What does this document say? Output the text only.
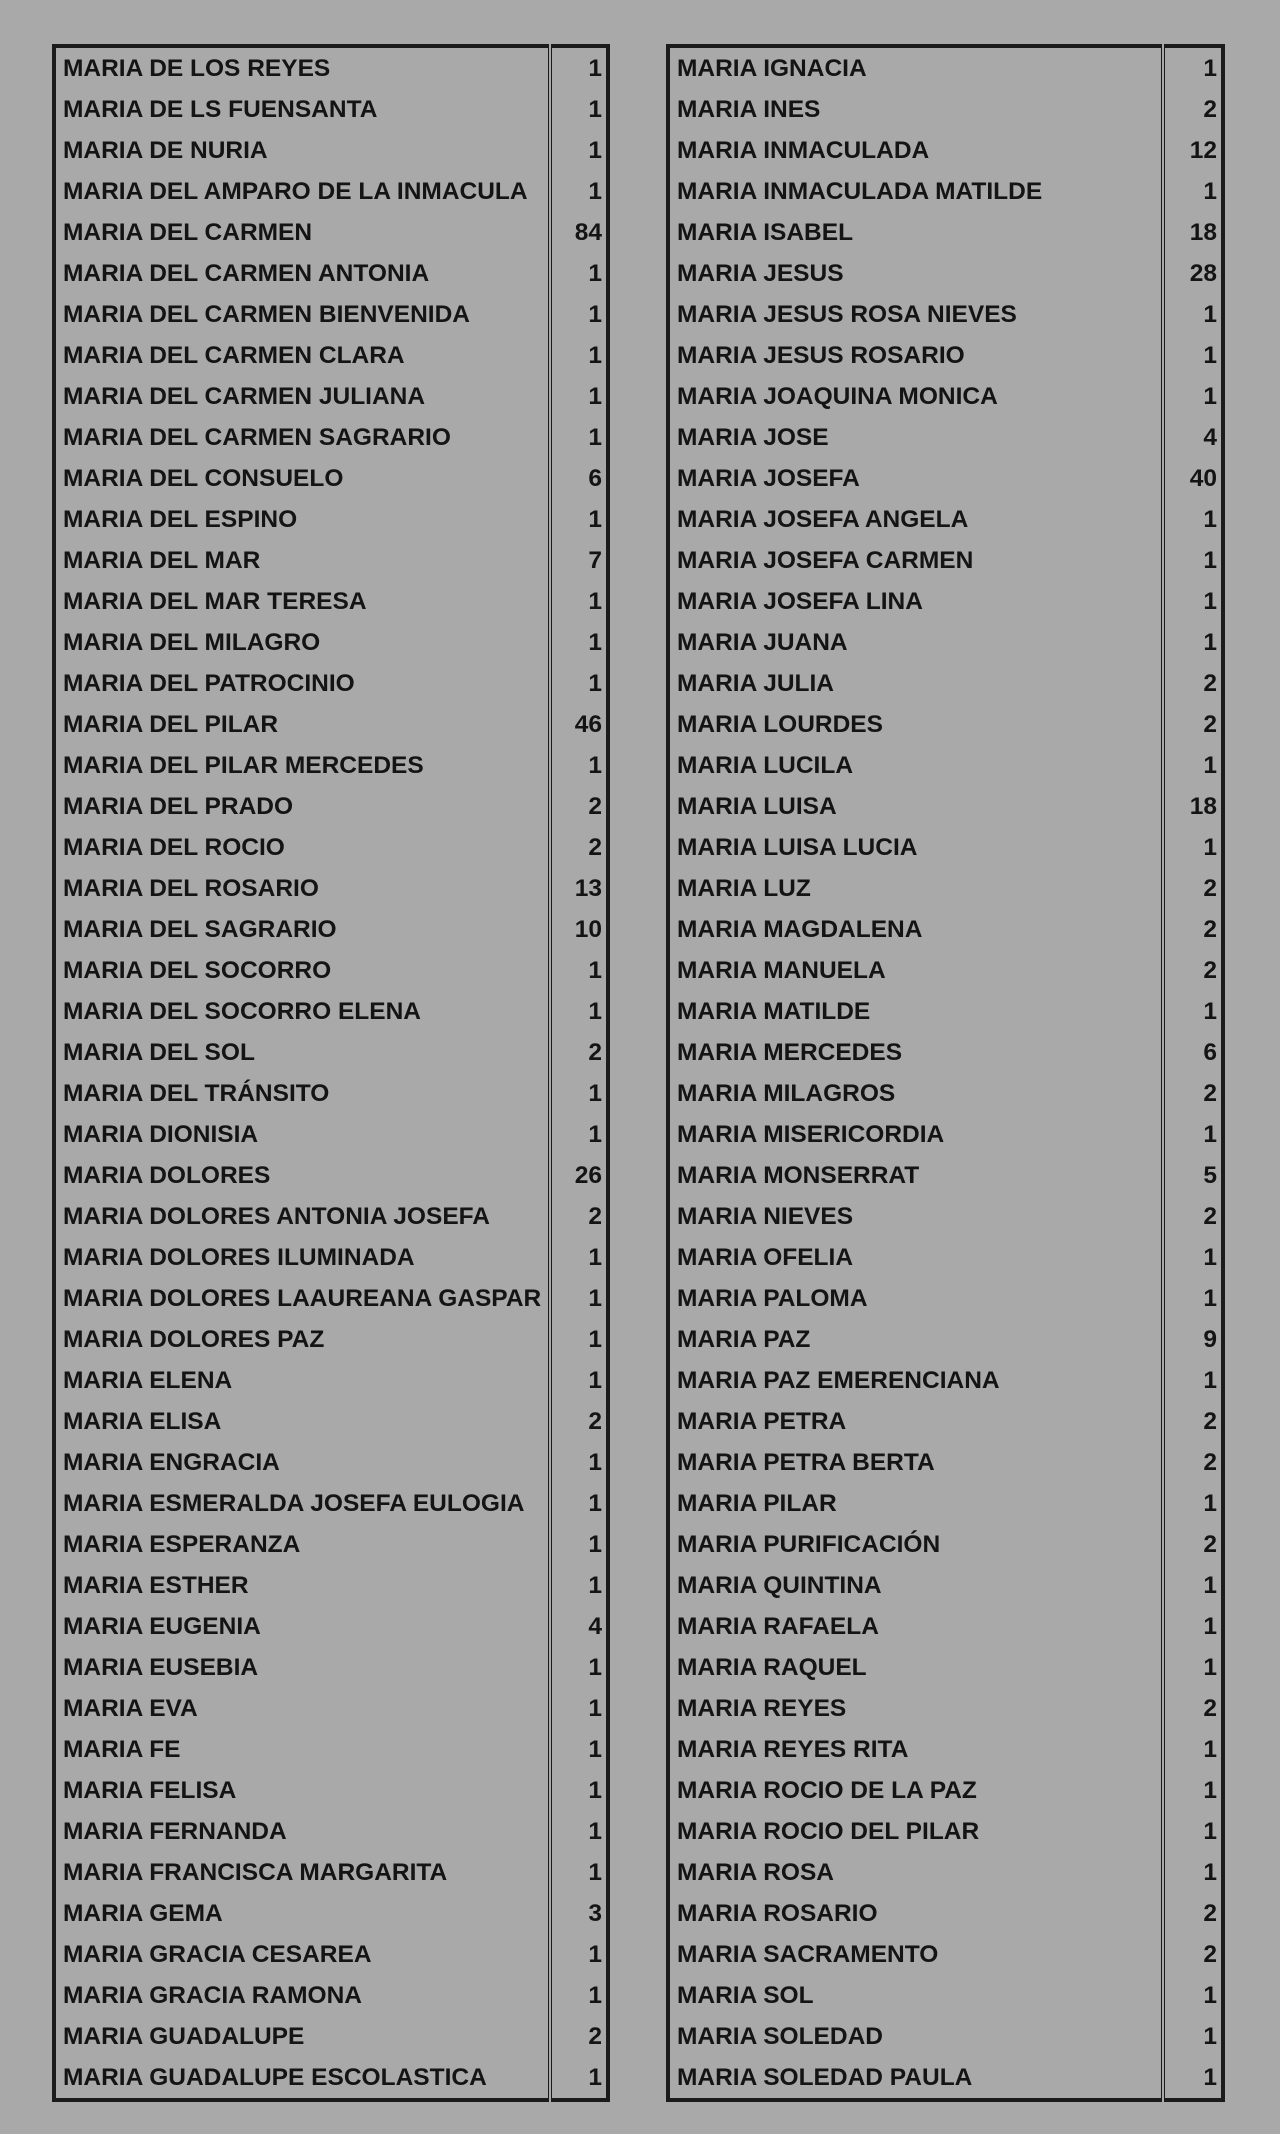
MARIA DE LOS REYES	1
MARIA DE LS FUENSANTA	1
MARIA DE NURIA	1
MARIA DEL AMPARO DE LA INMACULA	1
MARIA DEL CARMEN	84
MARIA DEL CARMEN ANTONIA	1
MARIA DEL CARMEN BIENVENIDA	1
MARIA DEL CARMEN CLARA	1
MARIA DEL CARMEN JULIANA	1
MARIA DEL CARMEN SAGRARIO	1
MARIA DEL CONSUELO	6
MARIA DEL ESPINO	1
MARIA DEL MAR	7
MARIA DEL MAR TERESA	1
MARIA DEL MILAGRO	1
MARIA DEL PATROCINIO	1
MARIA DEL PILAR	46
MARIA DEL PILAR MERCEDES	1
MARIA DEL PRADO	2
MARIA DEL ROCIO	2
MARIA DEL ROSARIO	13
MARIA DEL SAGRARIO	10
MARIA DEL SOCORRO	1
MARIA DEL SOCORRO ELENA	1
MARIA DEL SOL	2
MARIA DEL TRÁNSITO	1
MARIA DIONISIA	1
MARIA DOLORES	26
MARIA DOLORES ANTONIA JOSEFA	2
MARIA DOLORES ILUMINADA	1
MARIA DOLORES LAAUREANA GASPAR	1
MARIA DOLORES PAZ	1
MARIA ELENA	1
MARIA ELISA	2
MARIA ENGRACIA	1
MARIA ESMERALDA JOSEFA EULOGIA	1
MARIA ESPERANZA	1
MARIA ESTHER	1
MARIA EUGENIA	4
MARIA EUSEBIA	1
MARIA EVA	1
MARIA FE	1
MARIA FELISA	1
MARIA FERNANDA	1
MARIA FRANCISCA MARGARITA	1
MARIA GEMA	3
MARIA GRACIA CESAREA	1
MARIA GRACIA RAMONA	1
MARIA GUADALUPE	2
MARIA GUADALUPE ESCOLASTICA	1
MARIA IGNACIA	1
MARIA INES	2
MARIA INMACULADA	12
MARIA INMACULADA MATILDE	1
MARIA ISABEL	18
MARIA JESUS	28
MARIA JESUS ROSA NIEVES	1
MARIA JESUS ROSARIO	1
MARIA JOAQUINA MONICA	1
MARIA JOSE	4
MARIA JOSEFA	40
MARIA JOSEFA ANGELA	1
MARIA JOSEFA CARMEN	1
MARIA JOSEFA LINA	1
MARIA JUANA	1
MARIA JULIA	2
MARIA LOURDES	2
MARIA LUCILA	1
MARIA LUISA	18
MARIA LUISA LUCIA	1
MARIA LUZ	2
MARIA MAGDALENA	2
MARIA MANUELA	2
MARIA MATILDE	1
MARIA MERCEDES	6
MARIA MILAGROS	2
MARIA MISERICORDIA	1
MARIA MONSERRAT	5
MARIA NIEVES	2
MARIA OFELIA	1
MARIA PALOMA	1
MARIA PAZ	9
MARIA PAZ EMERENCIANA	1
MARIA PETRA	2
MARIA PETRA BERTA	2
MARIA PILAR	1
MARIA PURIFICACIÓN	2
MARIA QUINTINA	1
MARIA RAFAELA	1
MARIA RAQUEL	1
MARIA REYES	2
MARIA REYES RITA	1
MARIA ROCIO DE LA PAZ	1
MARIA ROCIO DEL PILAR	1
MARIA ROSA	1
MARIA ROSARIO	2
MARIA SACRAMENTO	2
MARIA SOL	1
MARIA SOLEDAD	1
MARIA SOLEDAD PAULA	1
